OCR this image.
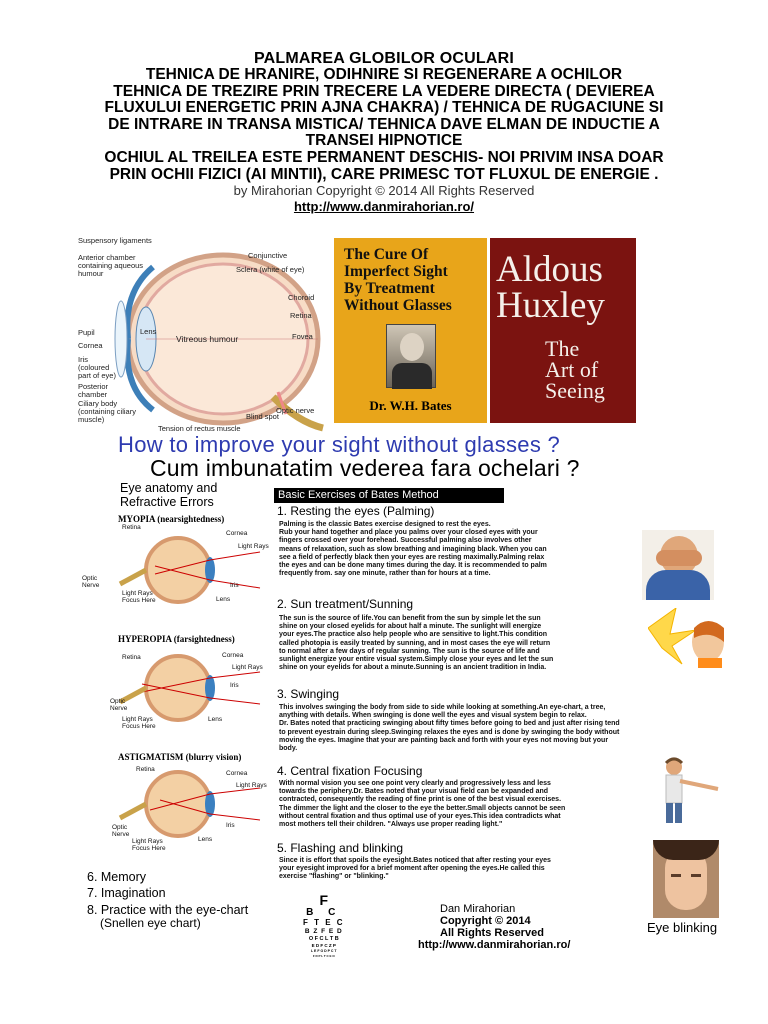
PALMAREA GLOBILOR OCULARI
TEHNICA DE HRANIRE, ODIHNIRE SI REGENERARE A OCHILOR
TEHNICA DE TREZIRE PRIN TRECERE LA VEDERE DIRECTA ( DEVIEREA
FLUXULUI ENERGETIC PRIN AJNA CHAKRA) / TEHNICA DE RUGACIUNE SI
DE INTRARE IN TRANSA MISTICA/ TEHNICA DAVE ELMAN DE INDUCTIE A
TRANSEI HIPNOTICE
OCHIUL AL TREILEA ESTE PERMANENT DESCHIS- NOI PRIVIM INSA DOAR
PRIN OCHII FIZICI (AI MINTII), CARE PRIMESC TOT FLUXUL DE ENERGIE .
by Mirahorian Copyright © 2014 All Rights Reserved
http://www.danmirahorian.ro/
Suspensory ligaments
Anterior chamber
containing aqueous
humour
Conjunctive
Sclera (white of eye)
Choroid
Retina
Fovea
Pupil
Cornea
Lens
Vitreous humour
Iris
(coloured
part of eye)
Posterior
chamber
Ciliary body
(containing ciliary
muscle)	Blind spot
Optic nerve
Tension of rectus muscle
The Cure Of
Imperfect Sight
By Treatment
Without Glasses
Dr. W.H. Bates
Aldous
Huxley
The
Art of
Seeing
How to improve your sight without glasses ?
Cum imbunatatim vederea fara ochelari ?
Eye anatomy and
Refractive Errors
MYOPIA (nearsightedness)
Retina
Cornea
Light Rays
Iris
Optic
Nerve
Light Rays
Focus Here	Lens
HYPEROPIA (farsightedness)
Retina	Cornea
Light Rays
Iris
Optic
Nerve
Light Rays
Focus Here
Lens
ASTIGMATISM (blurry vision)
Retina
Cornea
Light Rays
Iris
Optic
Nerve
Light Rays
Focus Here
Lens
Basic Exercises of Bates Method
1. Resting the eyes (Palming)
Palming is the classic Bates exercise designed to rest the eyes.
Rub your hand together and place you palms over your closed eyes with your
fingers crossed over your forehead. Successful palming also involves other
means of relaxation, such as slow breathing and imagining black. When you can
see a field of perfectly black then your eyes are resting maximally.Palming relax
the eyes and can be done many times during the day. It is recommended to palm
frequently from. say one minute, rather than for hours at a time.
2. Sun treatment/Sunning
The sun is the source of life.You can benefit from the sun by simple let the sun
shine on your closed eyelids for about half a minute. The sunlight will energize
your eyes.The practice also help people who are sensitive to light.This condition
called photopia is easily treated by sunning, and in most cases the eye will return
to normal after a few days of regular sunning. The sun is the source of life and
sunlight energize your entire visual system.Simply close your eyes and let the sun
shine on your eyelids for about a minute.Sunning is an ancient tradition in India.
3. Swinging
This involves swinging the body from side to side while looking at something.An eye-chart, a tree,
anything with details. When swinging is done well the eyes and visual system begin to relax.
Dr. Bates noted that practicing swinging about fifty times before going to bed and just after rising tend
to prevent eyestrain during sleep.Swinging relaxes the eyes and is done by swinging the body without
moving the eyes. Imagine that your are painting back and forth with your eyes not moving but your
body.
4. Central fixation Focusing
With normal vision you see one point very clearly and progressively less and less
towards the periphery.Dr. Bates noted that your visual field can be expanded and
contracted, consequently the reading of fine print is one of the best visual exercises.
The dimmer the light and the closer to the eye the better.Small objects cannot be seen
without central fixation and thus optimal use of your eyes.This idea contradicts what
most mothers tell their children. "Always use proper reading light."
5. Flashing and blinking
Since it is effort that spoils the eyesight.Bates noticed that after resting your eyes
your eyesight improved for a brief moment after opening the eyes.He called this
exercise "flashing" or "blinking."
Eye blinking
6. Memory
7. Imagination
8. Practice with the eye-chart
(Snellen eye chart)
F
B C
F T E C
B Z F E D
O F C L T B
E D F C Z P
L E F O D P C T
F D P L T C E O
Dan Mirahorian
Copyright © 2014
All Rights Reserved
http://www.danmirahorian.ro/
